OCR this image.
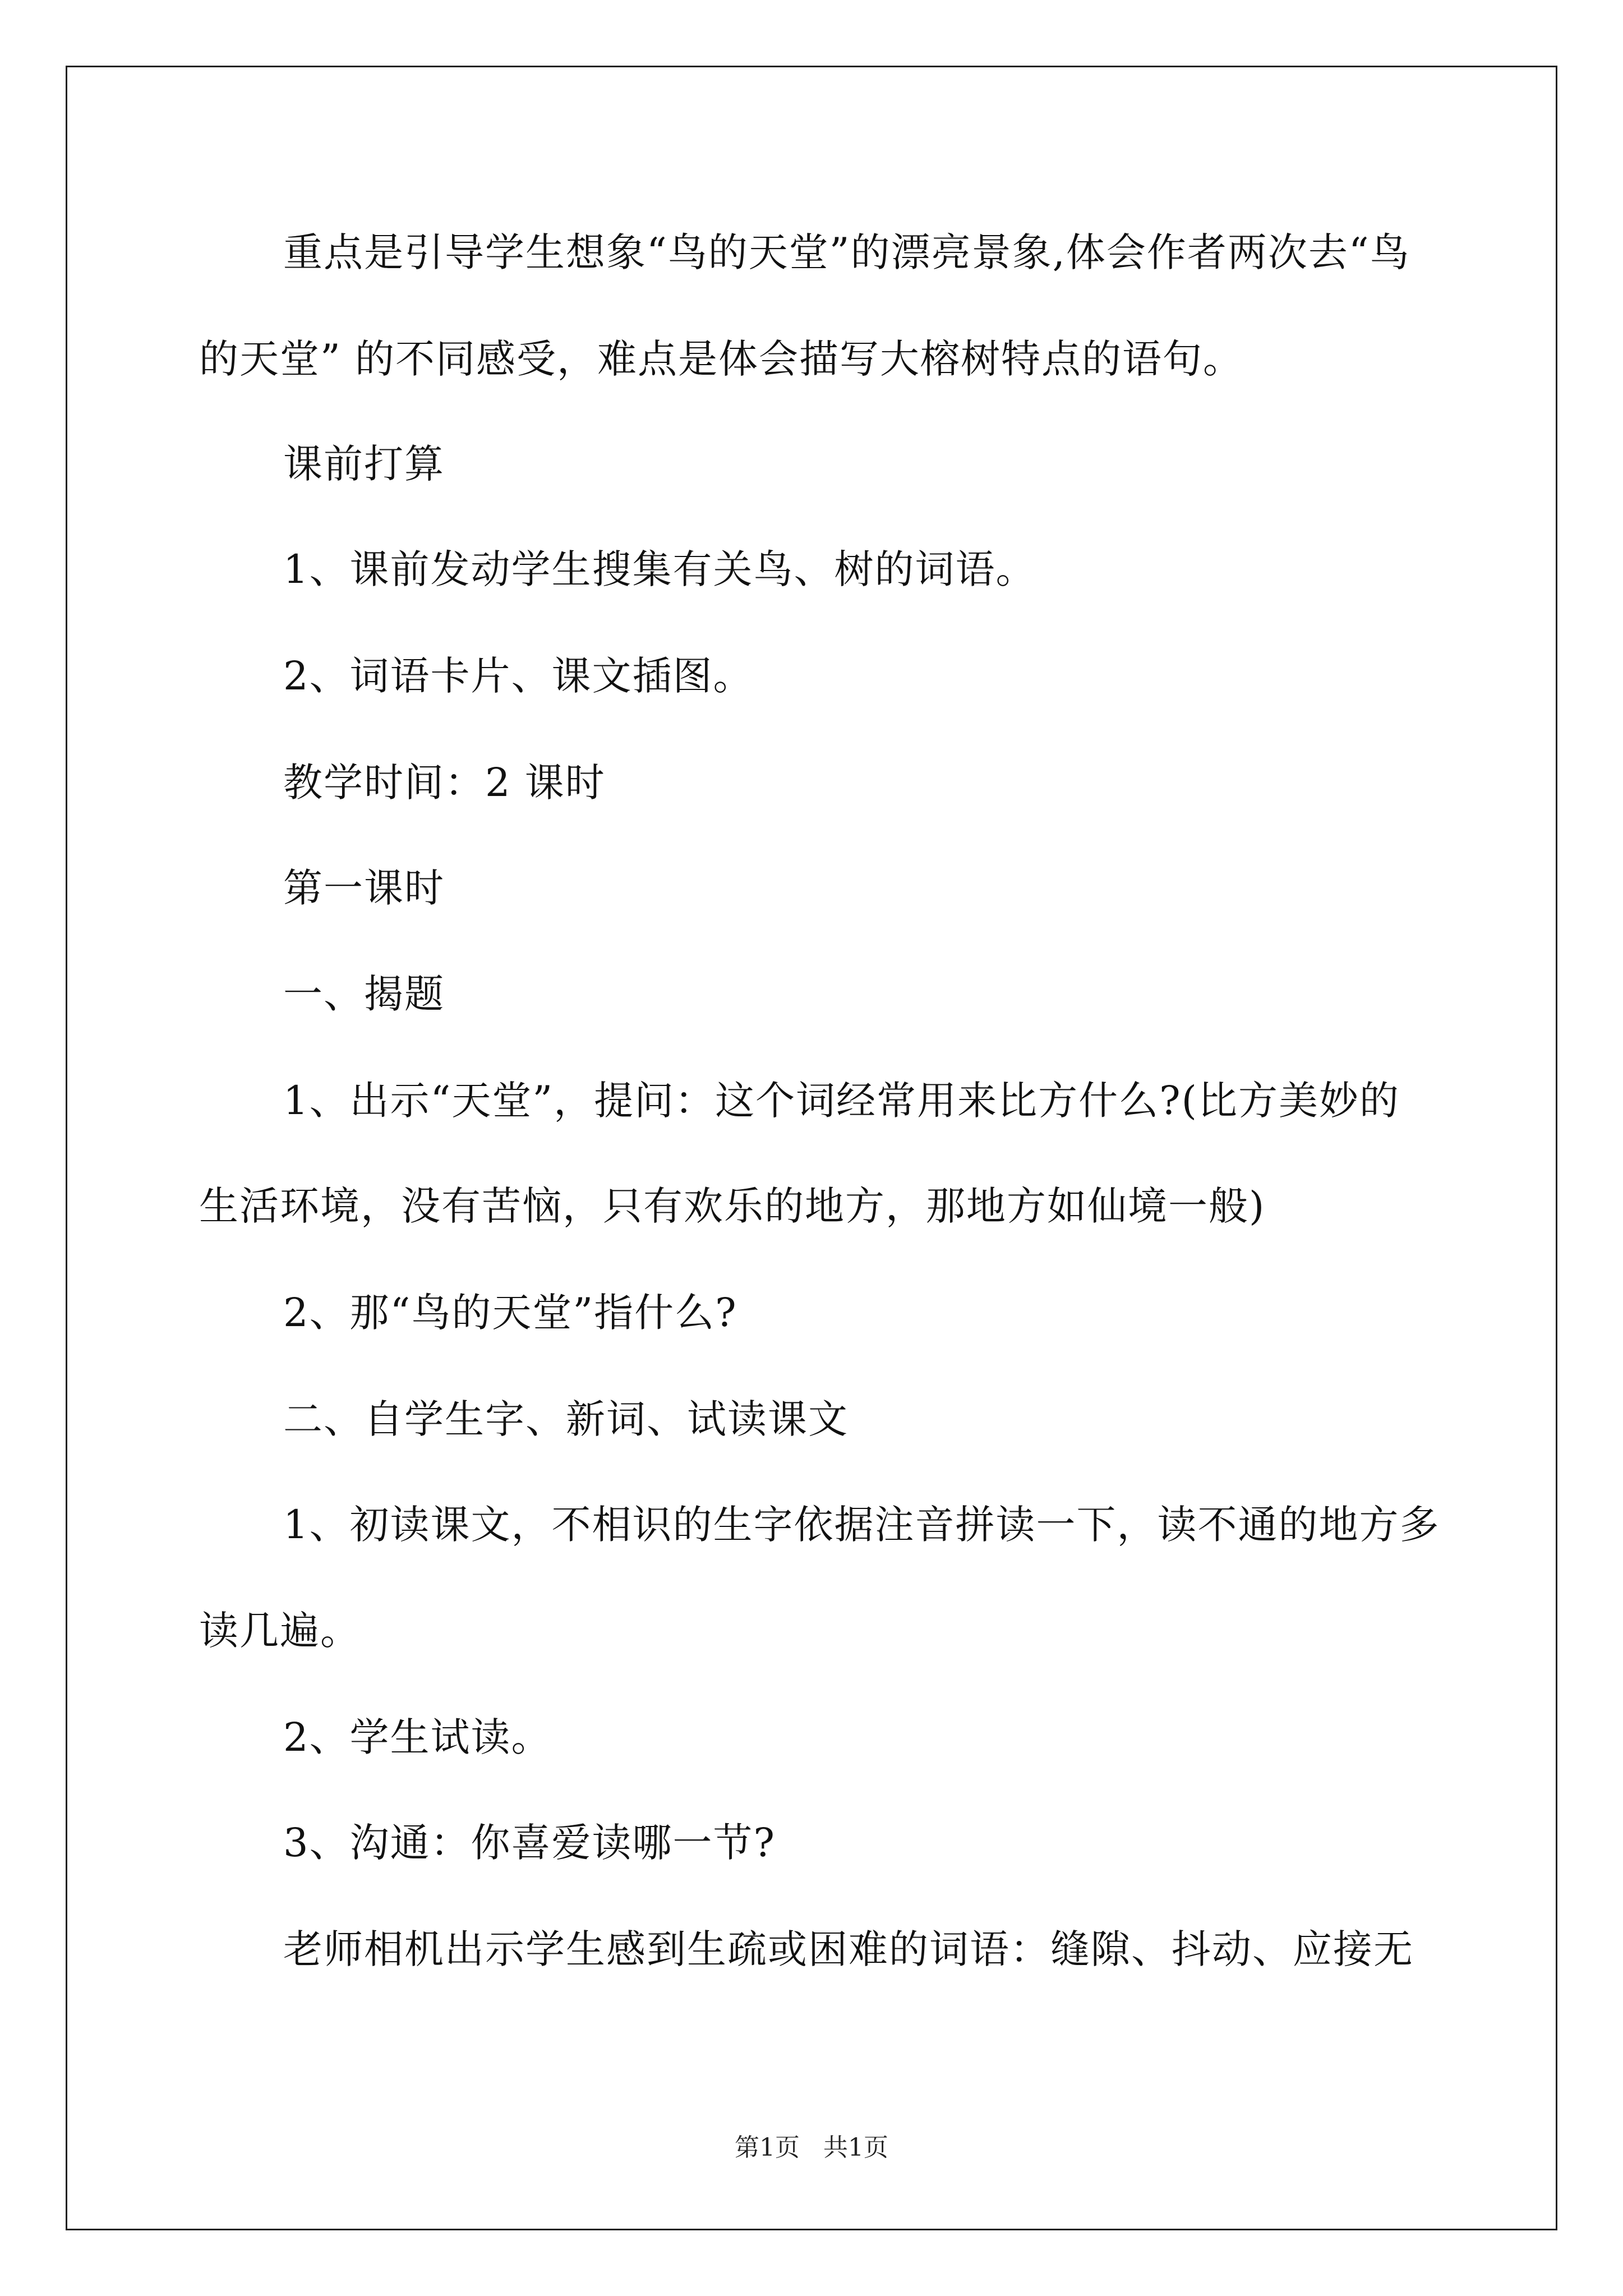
重点是引导学生想象“鸟的天堂”的漂亮景象,体会作者两次去“鸟
的天堂” 的不同感受，难点是体会描写大榕树特点的语句。
课前打算
1、课前发动学生搜集有关鸟、树的词语。
2、词语卡片、课文插图。
教学时间：2 课时
第一课时
一、揭题
1、出示“天堂”，提问：这个词经常用来比方什么?(比方美妙的
生活环境，没有苦恼，只有欢乐的地方，那地方如仙境一般)
2、那“鸟的天堂”指什么?
二、自学生字、新词、试读课文
1、初读课文，不相识的生字依据注音拼读一下，读不通的地方多
读几遍。
2、学生试读。
3、沟通：你喜爱读哪一节?
老师相机出示学生感到生疏或困难的词语：缝隙、抖动、应接无
第1页 共1页
